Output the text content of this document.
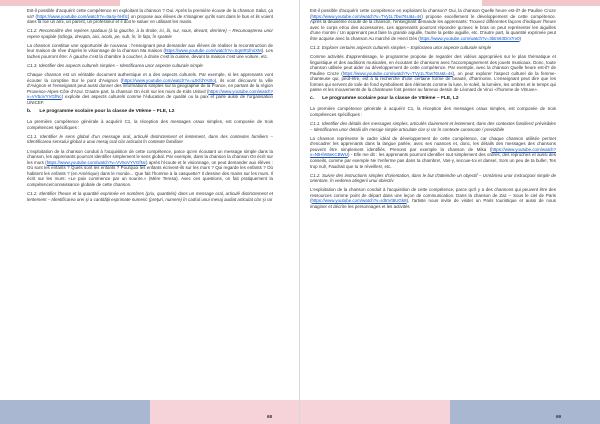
Est-il possible d'acquérir cette compétence en exploitant la chanson ? Oui. Après la première écoute de la chanson Salut, ça va? (https://www.youtube.com/watch?v=tIa4y-hHfIc) on propose aux élèves de s'imaginer qu'ils sont dans le bus et ils voient dans la rue un ami, un parent, un professeur et il doit le saluer en utilisant les mains.

C1.2. Reconnaître des repères spatiaux (à la gauche, à la droite, ici, là, sur, sous, devant, derrière) – Recunoaşterea unor repere spaţiale (stânga, dreapta, aici, acolo, pe, sub, în, în faţa, în spatele

La chanson constitue une opportunité de nouveau : l'enseignant peut demander aux élèves de réaliser la reconstruction de leur maison de rêve d'après le visionnage de la chanson Ma maison (https://www.youtube.com/watch?v=SqmR1fmiXM). Les taches pourront être: À gauche c'est la chambre à coucher, à droite c'est la cuisine, devant la maison c'est une voiture, etc.

C1.3. Identifier des aspects culturels simples – Identificarea unor aspecte culturale simple

Chaque chanson est un véritable document authentique et a des aspects culturels. Par exemple, si les apprenants vont écouter la comptine Sur le pont d'Avignon (https://www.youtube.com/watch?v=uJKfdYAt0o), ils vont découvrir la ville d'Avignon et l'enseignant peut aussi donner des informations simples sur la géographie de la France, en partant de la région Provence-Alpes-Côte d'Azur. D'autre part, la chanson On écrit sur les murs de Kids United (https://www.youtube.com/watch?v=VV5oVYVGfNc) exploite des aspects culturels comme l'éducation de qualité ou la paix et parle aussi de l'organisation UNICEF.

b. Le programme scolaire pour la classe de VIIème – FLE, L2

La première compétence générale à acquérir C1, la réception des messages oraux simples, est composée de trois compétences spécifiques :

C1.1. Identifier le sens global d'un message oral, articulé distinctement et lentement, dans des contextes familiers – Identificarea sensului global a unui mesaj oral clar articulat în contexte familiare

L'exploitation de la chanson conduit à l'acquisition de cette compétence, parce qu'en écoutant un message simple dans la chanson, les apprenants pourront identifier simplement le sens global. Par exemple, dans la chanson la chanson On écrit sur les murs (https://www.youtube.com/watch?v=VV5oVYVGfNc) après l'écoute et le visionnage, on peut demander aux élèves : Où sont les enfants ? Quels sont les enfants ? Pourquoi les enfants écrivent-ils sur les murs ? Qui regarde les enfants ? Où habitent les enfants ? (en Amérique) dans le monde... Que fait l'homme à la casquette? Il dessine des mains sur les murs. Il écrit sur les murs: «Le paix commence par un sourire.» (Mère Teresa). Avec ces questions, on fait pratiquement la compétence/connaissance globale de cette chanson.

C1.2. Identifier l'heure et la quantité exprimée en nombres (prix, quantités) dans un message oral, articulé distinctement et lentement – Identificarea orei şi a cantităţii exprimate numeric (preţuri, numere) în cadrul unui mesaj audiat articulat clar şi rar

68

Est-il possible d'acquérir cette compétence en exploitant la chanson? Oui, la chanson Quelle heure est-il? de Pauline Croze (https://www.youtube.com/watch?v=TVy1L7bw76U&t=4s) propose excellement le développement de cette compétence. Après la deuxième écoute de la chanson, l'enseignant demande les apprenants: Trouvez différentes façons d'indiquer l'heure avec le corps et/ou des accessoires. Les apprenants pourront répondre qu'avec le bras on peut représenter les aiguilles d'une montre / Un apprenant peut faire la grande aiguille, l'autre la petite aiguille, etc. D'autre part, la quantité exprimée peut être acquise avec la chanson Au marché de Henri Dès (https://www.youtube.com/watch?v=3btm63Dm7m0)

C1.3. Explorer certains aspects culturels simples – Explorarea unor aspecte culturale simple

Comme activités d'apprentissage, le programme propose de regarder des vidéos appropriées sur le plan thématique et linguistique et des auditions musicales, en écoutant de chansons avec l'accompagnement des jouets musicaux. Donc, toute chanson utilisée peut aider au développement de cette compétence. Par exemple, avec la chanson Quelle heure est-il? de Pauline Croze (https://www.youtube.com/watch?v=TVy1L7bw76U&t=4s), on peut explorer l'aspect culturel de la femme-chanteuse qui, peut-être, est à la recherche d'une certaine forme de beauté, d'harmonie. L'enseignant peut dire que les formes qui servent de toile de fond symbolisent des éléments comme la lune, le soleil, la lumière, les ombres et le temps qui passe et les mouvements de la chanteuse font penser au fameux dessin de Léonard de Vinci «l'homme de Vitruve».

c. Le programme scolaire pour la classe de VIIIème – FLE, L2

La première compétence générale à acquérir C1, la réception des messages oraux simples, est composée de trois compétences spécifiques :

C1.1. Identifier des détails des messages simples, articulés clairement et lentement, dans des contextes familiers/ prévisibles – Identificarea unor detalii din mesaje simple articulate clar şi rar în contexte cunoscute / previzibile

La chanson représente le cadre idéal de développement de cette compétence, car chaque chanson utilisée permet d'encadrer les apprenants dans la langue parlée, avec ses nuances et, donc, les détails des messages des chansons peuvent être simplement identifiés. Prenons par exemple la chanson de Mika (https://www.youtube.com/watch?v=NtHhWaKCBWU) - Elle me dit : les apprenants pourront identifier tout simplement des ordres, des reproches et aussi des conseils, comme par exemple Ne t'enferme pas dans ta chambre!, Vas-y, secoue-toi et danse!, Sors un peu de ta bulle!, Tes trop nul!, Faudrait que tu te réveilles!, etc.

C1.2. Suivre des instructions simples d'orientation, dans le but d'atteindre un objectif – Urmărirea unor instrucţiuni simple de orientare, în vederea atingerii unui obiectiv

L'exploitation de la chanson conduit à l'acquisition de cette compétence, parce qu'il y a des chansons qui peuvent être des ressources comme point de départ dans une leçon de communication. Dans la chanson de Zaz – Sous le ciel de Paris (https://www.youtube.com/watch?v=rdtnVt6UGk8), l'artiste nous invite de visiter un Paris touristique et aussi de nous imaginer et décrire les personnages et les activités

69
